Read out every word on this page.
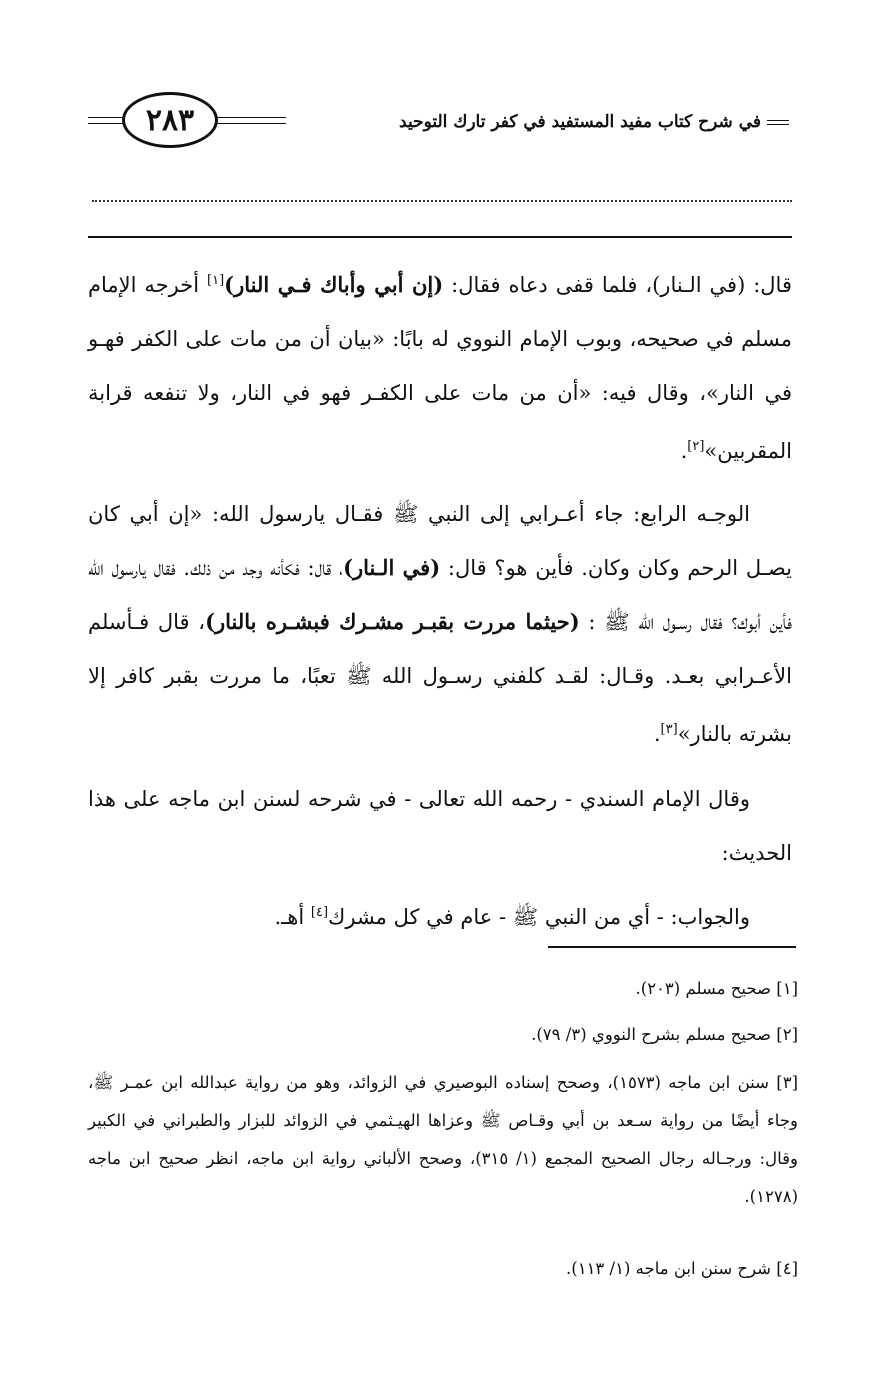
في شرح كتاب مفيد المستفيد في كفر تارك التوحيد
٢٨٣
قال: (في الـنار)، فلما قفى دعاه فقال: (إن أبي وأباك فـي النار)[١] أخرجه الإمام مسلم في صحيحه، وبوب الإمام النووي له بابًا: «بيان أن من مات على الكفر فهـو في النار»، وقال فيه: «أن من مات على الكفـر فهو في النار، ولا تنفعه قرابة المقربين»[٢].
الوجـه الرابع: جاء أعـرابي إلى النبي ﷺ فقـال يارسول الله: «إن أبي كان يصـل الرحم وكان وكان. فأين هو؟ قال: (في الـنار)، قال: فكأنه وجد من ذلك. فقال يارسول الله فأين أبوك؟ فقال رسـول الله ﷺ : (حيثما مررت بقبـر مشـرك فبشـره بالنار)، قال فـأسلم الأعـرابي بعـد. وقـال: لقـد كلفني رسـول الله ﷺ تعبًا، ما مررت بقبر كافر إلا بشرته بالنار»[٣].
وقال الإمام السندي - رحمه الله تعالى - في شرحه لسنن ابن ماجه على هذا الحديث:
والجواب: - أي من النبي ﷺ - عام في كل مشرك[٤] أهـ.
[١] صحيح مسلم (٢٠٣).
[٢] صحيح مسلم بشرح النووي (٣/ ٧٩).
[٣] سنن ابن ماجه (١٥٧٣)، وصحح إسناده البوصيري في الزوائد، وهو من رواية عبدالله ابن عمـر ﷺ، وجاء أيضًا من رواية سـعد بن أبي وقـاص ﷺ وعزاها الهيـثمي في الزوائد للبزار والطبراني في الكبير وقال: ورجـاله رجال الصحيح المجمع (١/ ٣١٥)، وصحح الألباني رواية ابن ماجه، انظر صحيح ابن ماجه (١٢٧٨).
[٤] شرح سنن ابن ماجه (١/ ١١٣).
